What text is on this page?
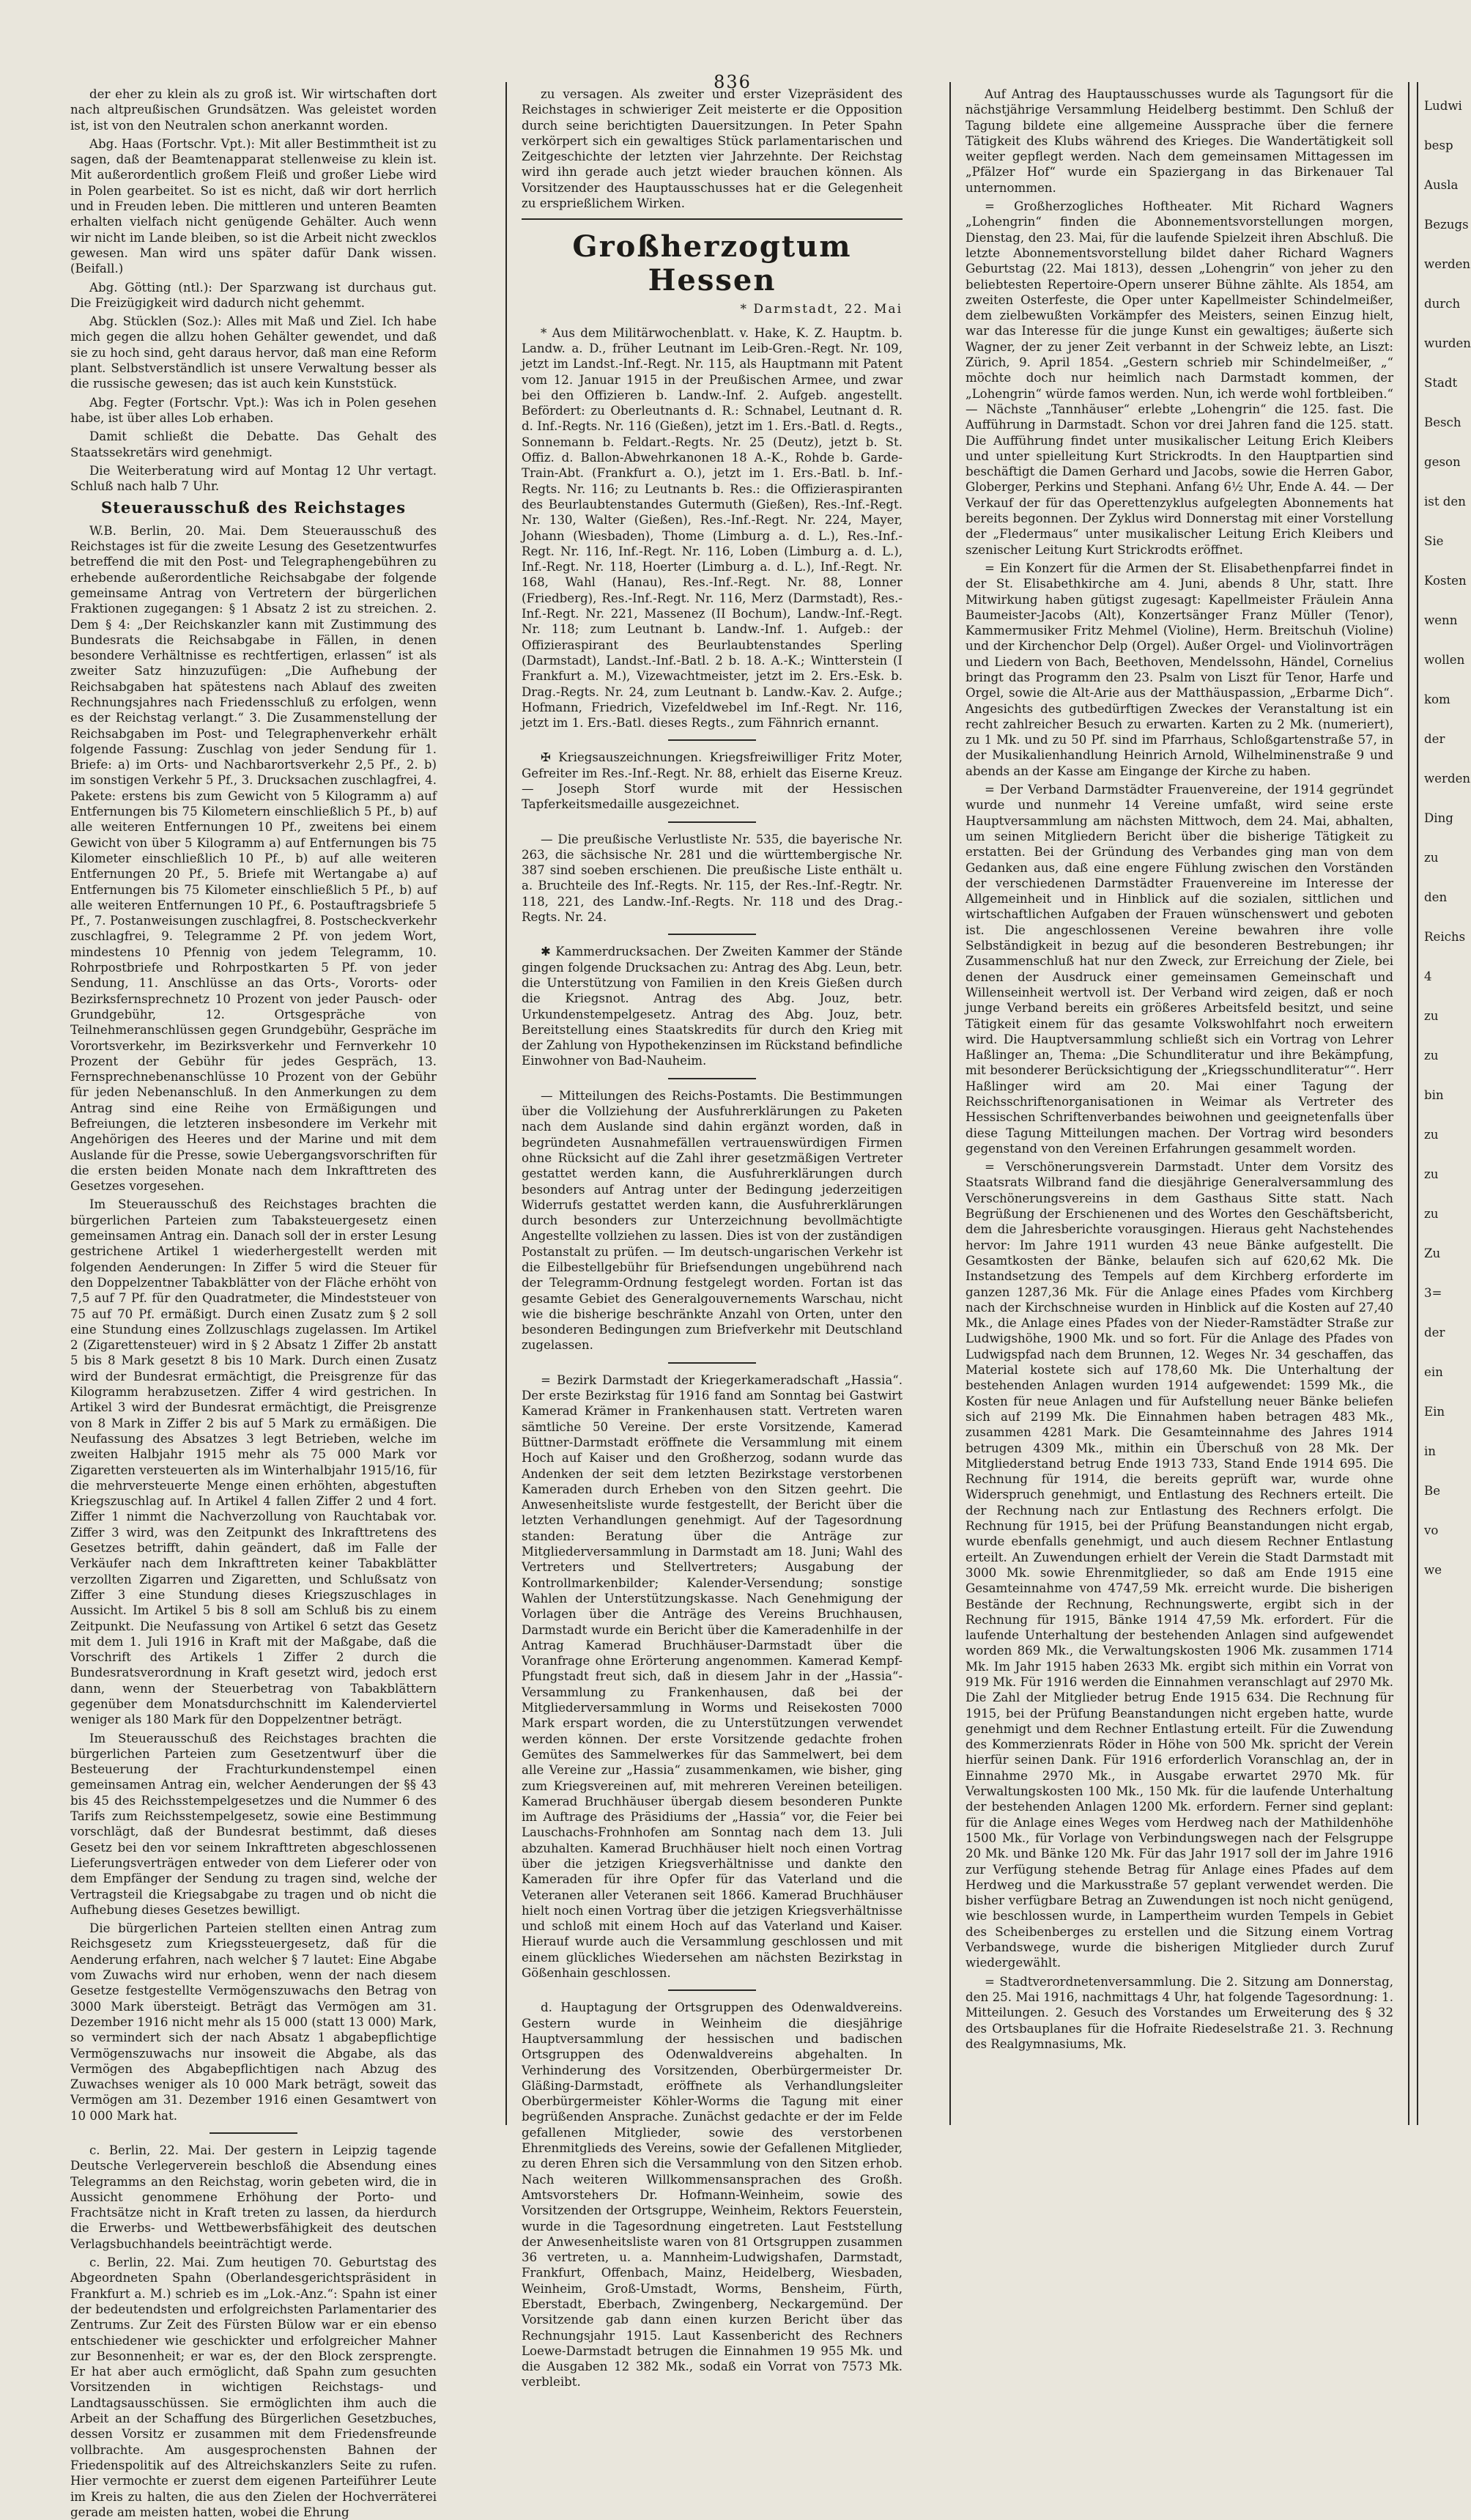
836

der eher zu klein als zu groß ist. Wir wirtschaften dort nach altpreußischen Grundsätzen. Was geleistet worden ist, ist von den Neutralen schon anerkannt worden.

Abg. Haas (Fortschr. Vpt.): Mit aller Bestimmtheit ist zu sagen, daß der Beamtenapparat stellenweise zu klein ist. Mit außerordentlich großem Fleiß und großer Liebe wird in Polen gearbeitet. So ist es nicht, daß wir dort herrlich und in Freuden leben. Die mittleren und unteren Beamten erhalten vielfach nicht genügende Gehälter. Auch wenn wir nicht im Lande bleiben, so ist die Arbeit nicht zwecklos gewesen. Man wird uns später dafür Dank wissen. (Beifall.)

Abg. Götting (ntl.): Der Sparzwang ist durchaus gut. Die Freizügigkeit wird dadurch nicht gehemmt.

Abg. Stücklen (Soz.): Alles mit Maß und Ziel. Ich habe mich gegen die allzu hohen Gehälter gewendet, und daß sie zu hoch sind, geht daraus hervor, daß man eine Reform plant. Selbstverständlich ist unsere Verwaltung besser als die russische gewesen; das ist auch kein Kunststück.

Abg. Fegter (Fortschr. Vpt.): Was ich in Polen gesehen habe, ist über alles Lob erhaben.

Damit schließt die Debatte. Das Gehalt des Staatssekretärs wird genehmigt.

Die Weiterberatung wird auf Montag 12 Uhr vertagt. Schluß nach halb 7 Uhr.

Steuerausschuß des Reichstages

W.B. Berlin, 20. Mai. Dem Steuerausschuß des Reichstages ist für die zweite Lesung des Gesetzentwurfes betreffend die mit den Post- und Telegraphengebühren zu erhebende außerordentliche Reichsabgabe der folgende gemeinsame Antrag von Vertretern der bürgerlichen Fraktionen zugegangen: § 1 Absatz 2 ist zu streichen. 2. Dem § 4: „Der Reichskanzler kann mit Zustimmung des Bundesrats die Reichsabgabe in Fällen, in denen besondere Verhältnisse es rechtfertigen, erlassen“ ist als zweiter Satz hinzuzufügen: „Die Aufhebung der Reichsabgaben hat spätestens nach Ablauf des zweiten Rechnungsjahres nach Friedensschluß zu erfolgen, wenn es der Reichstag verlangt.“ 3. Die Zusammenstellung der Reichsabgaben im Post- und Telegraphenverkehr erhält folgende Fassung: Zuschlag von jeder Sendung für 1. Briefe: a) im Orts- und Nachbarortsverkehr 2,5 Pf., 2. b) im sonstigen Verkehr 5 Pf., 3. Drucksachen zuschlagfrei, 4. Pakete: erstens bis zum Gewicht von 5 Kilogramm a) auf Entfernungen bis 75 Kilometern einschließlich 5 Pf., b) auf alle weiteren Entfernungen 10 Pf., zweitens bei einem Gewicht von über 5 Kilogramm a) auf Entfernungen bis 75 Kilometer einschließlich 10 Pf., b) auf alle weiteren Entfernungen 20 Pf., 5. Briefe mit Wertangabe a) auf Entfernungen bis 75 Kilometer einschließlich 5 Pf., b) auf alle weiteren Entfernungen 10 Pf., 6. Postauftragsbriefe 5 Pf., 7. Postanweisungen zuschlagfrei, 8. Postscheckverkehr zuschlagfrei, 9. Telegramme 2 Pf. von jedem Wort, mindestens 10 Pfennig von jedem Telegramm, 10. Rohrpostbriefe und Rohrpostkarten 5 Pf. von jeder Sendung, 11. Anschlüsse an das Orts-, Vororts- oder Bezirksfernsprechnetz 10 Prozent von jeder Pausch- oder Grundgebühr, 12. Ortsgespräche von Teilnehmeranschlüssen gegen Grundgebühr, Gespräche im Vorortsverkehr, im Bezirksverkehr und Fernverkehr 10 Prozent der Gebühr für jedes Gespräch, 13. Fernsprechnebenanschlüsse 10 Prozent von der Gebühr für jeden Nebenanschluß. In den Anmerkungen zu dem Antrag sind eine Reihe von Ermäßigungen und Befreiungen, die letzteren insbesondere im Verkehr mit Angehörigen des Heeres und der Marine und mit dem Auslande für die Presse, sowie Uebergangsvorschriften für die ersten beiden Monate nach dem Inkrafttreten des Gesetzes vorgesehen.

Im Steuerausschuß des Reichstages brachten die bürgerlichen Parteien zum Tabaksteuergesetz einen gemeinsamen Antrag ein. Danach soll der in erster Lesung gestrichene Artikel 1 wiederhergestellt werden mit folgenden Aenderungen: In Ziffer 5 wird die Steuer für den Doppelzentner Tabakblätter von der Fläche erhöht von 7,5 auf 7 Pf. für den Quadratmeter, die Mindeststeuer von 75 auf 70 Pf. ermäßigt. Durch einen Zusatz zum § 2 soll eine Stundung eines Zollzuschlags zugelassen. Im Artikel 2 (Zigarettensteuer) wird in § 2 Absatz 1 Ziffer 2b anstatt 5 bis 8 Mark gesetzt 8 bis 10 Mark. Durch einen Zusatz wird der Bundesrat ermächtigt, die Preisgrenze für das Kilogramm herabzusetzen. Ziffer 4 wird gestrichen. In Artikel 3 wird der Bundesrat ermächtigt, die Preisgrenze von 8 Mark in Ziffer 2 bis auf 5 Mark zu ermäßigen. Die Neufassung des Absatzes 3 legt Betrieben, welche im zweiten Halbjahr 1915 mehr als 75 000 Mark vor Zigaretten versteuerten als im Winterhalbjahr 1915/16, für die mehrversteuerte Menge einen erhöhten, abgestuften Kriegszuschlag auf. In Artikel 4 fallen Ziffer 2 und 4 fort. Ziffer 1 nimmt die Nachverzollung von Rauchtabak vor. Ziffer 3 wird, was den Zeitpunkt des Inkrafttretens des Gesetzes betrifft, dahin geändert, daß im Falle der Verkäufer nach dem Inkrafttreten keiner Tabakblätter verzollten Zigarren und Zigaretten, und Schlußsatz von Ziffer 3 eine Stundung dieses Kriegszuschlages in Aussicht. Im Artikel 5 bis 8 soll am Schluß bis zu einem Zeitpunkt. Die Neufassung von Artikel 6 setzt das Gesetz mit dem 1. Juli 1916 in Kraft mit der Maßgabe, daß die Vorschrift des Artikels 1 Ziffer 2 durch die Bundesratsverordnung in Kraft gesetzt wird, jedoch erst dann, wenn der Steuerbetrag von Tabakblättern gegenüber dem Monatsdurchschnitt im Kalenderviertel weniger als 180 Mark für den Doppelzentner beträgt.

Im Steuerausschuß des Reichstages brachten die bürgerlichen Parteien zum Gesetzentwurf über die Besteuerung der Frachturkundenstempel einen gemeinsamen Antrag ein, welcher Aenderungen der §§ 43 bis 45 des Reichsstempelgesetzes und die Nummer 6 des Tarifs zum Reichsstempelgesetz, sowie eine Bestimmung vorschlägt, daß der Bundesrat bestimmt, daß dieses Gesetz bei den vor seinem Inkrafttreten abgeschlossenen Lieferungsverträgen entweder von dem Lieferer oder von dem Empfänger der Sendung zu tragen sind, welche der Vertragsteil die Kriegsabgabe zu tragen und ob nicht die Aufhebung dieses Gesetzes bewilligt.

Die bürgerlichen Parteien stellten einen Antrag zum Reichsgesetz zum Kriegssteuergesetz, daß für die Aenderung erfahren, nach welcher § 7 lautet: Eine Abgabe vom Zuwachs wird nur erhoben, wenn der nach diesem Gesetze festgestellte Vermögenszuwachs den Betrag von 3000 Mark übersteigt. Beträgt das Vermögen am 31. Dezember 1916 nicht mehr als 15 000 (statt 13 000) Mark, so vermindert sich der nach Absatz 1 abgabepflichtige Vermögenszuwachs nur insoweit die Abgabe, als das Vermögen des Abgabepflichtigen nach Abzug des Zuwachses weniger als 10 000 Mark beträgt, soweit das Vermögen am 31. Dezember 1916 einen Gesamtwert von 10 000 Mark hat.

c. Berlin, 22. Mai. Der gestern in Leipzig tagende Deutsche Verlegerverein beschloß die Absendung eines Telegramms an den Reichstag, worin gebeten wird, die in Aussicht genommene Erhöhung der Porto- und Frachtsätze nicht in Kraft treten zu lassen, da hierdurch die Erwerbs- und Wettbewerbsfähigkeit des deutschen Verlagsbuchhandels beeinträchtigt werde.

c. Berlin, 22. Mai. Zum heutigen 70. Geburtstag des Abgeordneten Spahn (Oberlandesgerichtspräsident in Frankfurt a. M.) schrieb es im „Lok.-Anz.“: Spahn ist einer der bedeutendsten und erfolgreichsten Parlamentarier des Zentrums. Zur Zeit des Fürsten Bülow war er ein ebenso entschiedener wie geschickter und erfolgreicher Mahner zur Besonnenheit; er war es, der den Block zersprengte. Er hat aber auch ermöglicht, daß Spahn zum gesuchten Vorsitzenden in wichtigen Reichstags- und Landtagsausschüssen. Sie ermöglichten ihm auch die Arbeit an der Schaffung des Bürgerlichen Gesetzbuches, dessen Vorsitz er zusammen mit dem Friedensfreunde vollbrachte. Am ausgesprochensten Bahnen der Friedenspolitik auf des Altreichskanzlers Seite zu rufen. Hier vermochte er zuerst dem eigenen Parteiführer Leute im Kreis zu halten, die aus den Zielen der Hochverräterei gerade am meisten hatten, wobei die Ehrung

zu versagen. Als zweiter und erster Vizepräsident des Reichstages in schwieriger Zeit meisterte er die Opposition durch seine berichtigten Dauersitzungen. In Peter Spahn verkörpert sich ein gewaltiges Stück parlamentarischen und Zeitgeschichte der letzten vier Jahrzehnte. Der Reichstag wird ihn gerade auch jetzt wieder brauchen können. Als Vorsitzender des Hauptausschusses hat er die Gelegenheit zu ersprießlichem Wirken.

Großherzogtum Hessen
* Darmstadt, 22. Mai

* Aus dem Militärwochenblatt. v. Hake, K. Z. Hauptm. b. Landw. a. D., früher Leutnant im Leib-Gren.-Regt. Nr. 109, jetzt im Landst.-Inf.-Regt. Nr. 115, als Hauptmann mit Patent vom 12. Januar 1915 in der Preußischen Armee, und zwar bei den Offizieren b. Landw.-Inf. 2. Aufgeb. angestellt. Befördert: zu Oberleutnants d. R.: Schnabel, Leutnant d. R. d. Inf.-Regts. Nr. 116 (Gießen), jetzt im 1. Ers.-Batl. d. Regts., Sonnemann b. Feldart.-Regts. Nr. 25 (Deutz), jetzt b. St. Offiz. d. Ballon-Abwehrkanonen 18 A.-K., Rohde b. Garde-Train-Abt. (Frankfurt a. O.), jetzt im 1. Ers.-Batl. b. Inf.-Regts. Nr. 116; zu Leutnants b. Res.: die Offizieraspiranten des Beurlaubtenstandes Gutermuth (Gießen), Res.-Inf.-Regt. Nr. 130, Walter (Gießen), Res.-Inf.-Regt. Nr. 224, Mayer, Johann (Wiesbaden), Thome (Limburg a. d. L.), Res.-Inf.-Regt. Nr. 116, Inf.-Regt. Nr. 116, Loben (Limburg a. d. L.), Inf.-Regt. Nr. 118, Hoerter (Limburg a. d. L.), Inf.-Regt. Nr. 168, Wahl (Hanau), Res.-Inf.-Regt. Nr. 88, Lonner (Friedberg), Res.-Inf.-Regt. Nr. 116, Merz (Darmstadt), Res.-Inf.-Regt. Nr. 221, Massenez (II Bochum), Landw.-Inf.-Regt. Nr. 118; zum Leutnant b. Landw.-Inf. 1. Aufgeb.: der Offizieraspirant des Beurlaubtenstandes Sperling (Darmstadt), Landst.-Inf.-Batl. 2 b. 18. A.-K.; Wintterstein (I Frankfurt a. M.), Vizewachtmeister, jetzt im 2. Ers.-Esk. b. Drag.-Regts. Nr. 24, zum Leutnant b. Landw.-Kav. 2. Aufge.; Hofmann, Friedrich, Vizefeldwebel im Inf.-Regt. Nr. 116, jetzt im 1. Ers.-Batl. dieses Regts., zum Fähnrich ernannt.

✠ Kriegsauszeichnungen. Kriegsfreiwilliger Fritz Moter, Gefreiter im Res.-Inf.-Regt. Nr. 88, erhielt das Eiserne Kreuz. — Joseph Storf wurde mit der Hessischen Tapferkeitsmedaille ausgezeichnet.

— Die preußische Verlustliste Nr. 535, die bayerische Nr. 263, die sächsische Nr. 281 und die württembergische Nr. 387 sind soeben erschienen. Die preußische Liste enthält u. a. Bruchteile des Inf.-Regts. Nr. 115, der Res.-Inf.-Regtr. Nr. 118, 221, des Landw.-Inf.-Regts. Nr. 118 und des Drag.-Regts. Nr. 24.

✱ Kammerdrucksachen. Der Zweiten Kammer der Stände gingen folgende Drucksachen zu: Antrag des Abg. Leun, betr. die Unterstützung von Familien in den Kreis Gießen durch die Kriegsnot. Antrag des Abg. Jouz, betr. Urkundenstempelgesetz. Antrag des Abg. Jouz, betr. Bereitstellung eines Staatskredits für durch den Krieg mit der Zahlung von Hypothekenzinsen im Rückstand befindliche Einwohner von Bad-Nauheim.

— Mitteilungen des Reichs-Postamts. Die Bestimmungen über die Vollziehung der Ausfuhrerklärungen zu Paketen nach dem Auslande sind dahin ergänzt worden, daß in begründeten Ausnahmefällen vertrauenswürdigen Firmen ohne Rücksicht auf die Zahl ihrer gesetzmäßigen Vertreter gestattet werden kann, die Ausfuhrerklärungen durch besonders auf Antrag unter der Bedingung jederzeitigen Widerrufs gestattet werden kann, die Ausfuhrerklärungen durch besonders zur Unterzeichnung bevollmächtigte Angestellte vollziehen zu lassen. Dies ist von der zuständigen Postanstalt zu prüfen. — Im deutsch-ungarischen Verkehr ist die Eilbestellgebühr für Briefsendungen ungebührend nach der Telegramm-Ordnung festgelegt worden. Fortan ist das gesamte Gebiet des Generalgouvernements Warschau, nicht wie die bisherige beschränkte Anzahl von Orten, unter den besonderen Bedingungen zum Briefverkehr mit Deutschland zugelassen.

= Bezirk Darmstadt der Kriegerkameradschaft „Hassia“. Der erste Bezirkstag für 1916 fand am Sonntag bei Gastwirt Kamerad Krämer in Frankenhausen statt. Vertreten waren sämtliche 50 Vereine. Der erste Vorsitzende, Kamerad Büttner-Darmstadt eröffnete die Versammlung mit einem Hoch auf Kaiser und den Großherzog, sodann wurde das Andenken der seit dem letzten Bezirkstage verstorbenen Kameraden durch Erheben von den Sitzen geehrt. Die Anwesenheitsliste wurde festgestellt, der Bericht über die letzten Verhandlungen genehmigt. Auf der Tagesordnung standen: Beratung über die Anträge zur Mitgliederversammlung in Darmstadt am 18. Juni; Wahl des Vertreters und Stellvertreters; Ausgabung der Kontrollmarkenbilder; Kalender-Versendung; sonstige Wahlen der Unterstützungskasse. Nach Genehmigung der Vorlagen über die Anträge des Vereins Bruchhausen, Darmstadt wurde ein Bericht über die Kameradenhilfe in der Antrag Kamerad Bruchhäuser-Darmstadt über die Voranfrage ohne Erörterung angenommen. Kamerad Kempf-Pfungstadt freut sich, daß in diesem Jahr in der „Hassia“-Versammlung zu Frankenhausen, daß bei der Mitgliederversammlung in Worms und Reisekosten 7000 Mark erspart worden, die zu Unterstützungen verwendet werden können. Der erste Vorsitzende gedachte frohen Gemütes des Sammelwerkes für das Sammelwert, bei dem alle Vereine zur „Hassia“ zusammenkamen, wie bisher, ging zum Kriegsvereinen auf, mit mehreren Vereinen beteiligen. Kamerad Bruchhäuser übergab diesem besonderen Punkte im Auftrage des Präsidiums der „Hassia“ vor, die Feier bei Lauschachs-Frohnhofen am Sonntag nach dem 13. Juli abzuhalten. Kamerad Bruchhäuser hielt noch einen Vortrag über die jetzigen Kriegsverhältnisse und dankte den Kameraden für ihre Opfer für das Vaterland und die Veteranen aller Veteranen seit 1866. Kamerad Bruchhäuser hielt noch einen Vortrag über die jetzigen Kriegsverhältnisse und schloß mit einem Hoch auf das Vaterland und Kaiser. Hierauf wurde auch die Versammlung geschlossen und mit einem glückliches Wiedersehen am nächsten Bezirkstag in Gößenhain geschlossen.

d. Hauptagung der Ortsgruppen des Odenwaldvereins. Gestern wurde in Weinheim die diesjährige Hauptversammlung der hessischen und badischen Ortsgruppen des Odenwaldvereins abgehalten. In Verhinderung des Vorsitzenden, Oberbürgermeister Dr. Gläßing-Darmstadt, eröffnete als Verhandlungsleiter Oberbürgermeister Köhler-Worms die Tagung mit einer begrüßenden Ansprache. Zunächst gedachte er der im Felde gefallenen Mitglieder, sowie des verstorbenen Ehrenmitglieds des Vereins, sowie der Gefallenen Mitglieder, zu deren Ehren sich die Versammlung von den Sitzen erhob. Nach weiteren Willkommensansprachen des Großh. Amtsvorstehers Dr. Hofmann-Weinheim, sowie des Vorsitzenden der Ortsgruppe, Weinheim, Rektors Feuerstein, wurde in die Tagesordnung eingetreten. Laut Feststellung der Anwesenheitsliste waren von 81 Ortsgruppen zusammen 36 vertreten, u. a. Mannheim-Ludwigshafen, Darmstadt, Frankfurt, Offenbach, Mainz, Heidelberg, Wiesbaden, Weinheim, Groß-Umstadt, Worms, Bensheim, Fürth, Eberstadt, Eberbach, Zwingenberg, Neckargemünd. Der Vorsitzende gab dann einen kurzen Bericht über das Rechnungsjahr 1915. Laut Kassenbericht des Rechners Loewe-Darmstadt betrugen die Einnahmen 19 955 Mk. und die Ausgaben 12 382 Mk., sodaß ein Vorrat von 7573 Mk. verbleibt.

Auf Antrag des Hauptausschusses wurde als Tagungsort für die nächstjährige Versammlung Heidelberg bestimmt. Den Schluß der Tagung bildete eine allgemeine Aussprache über die fernere Tätigkeit des Klubs während des Krieges. Die Wandertätigkeit soll weiter gepflegt werden. Nach dem gemeinsamen Mittagessen im „Pfälzer Hof“ wurde ein Spaziergang in das Birkenauer Tal unternommen.

= Großherzogliches Hoftheater. Mit Richard Wagners „Lohengrin“ finden die Abonnementsvorstellungen morgen, Dienstag, den 23. Mai, für die laufende Spielzeit ihren Abschluß. Die letzte Abonnementsvorstellung bildet daher Richard Wagners Geburtstag (22. Mai 1813), dessen „Lohengrin“ von jeher zu den beliebtesten Repertoire-Opern unserer Bühne zählte. Als 1854, am zweiten Osterfeste, die Oper unter Kapellmeister Schindelmeißer, dem zielbewußten Vorkämpfer des Meisters, seinen Einzug hielt, war das Interesse für die junge Kunst ein gewaltiges; äußerte sich Wagner, der zu jener Zeit verbannt in der Schweiz lebte, an Liszt: Zürich, 9. April 1854. „Gestern schrieb mir Schindelmeißer, „“ möchte doch nur heimlich nach Darmstadt kommen, der „Lohengrin“ würde famos werden. Nun, ich werde wohl fortbleiben.“ — Nächste „Tannhäuser“ erlebte „Lohengrin“ die 125. fast. Die Aufführung in Darmstadt. Schon vor drei Jahren fand die 125. statt. Die Aufführung findet unter musikalischer Leitung Erich Kleibers und unter spielleitung Kurt Strickrodts. In den Hauptpartien sind beschäftigt die Damen Gerhard und Jacobs, sowie die Herren Gabor, Globerger, Perkins und Stephani. Anfang 6½ Uhr, Ende A. 44. — Der Verkauf der für das Operettenzyklus aufgelegten Abonnements hat bereits begonnen. Der Zyklus wird Donnerstag mit einer Vorstellung der „Fledermaus“ unter musikalischer Leitung Erich Kleibers und szenischer Leitung Kurt Strickrodts eröffnet.

= Ein Konzert für die Armen der St. Elisabethenpfarrei findet in der St. Elisabethkirche am 4. Juni, abends 8 Uhr, statt. Ihre Mitwirkung haben gütigst zugesagt: Kapellmeister Fräulein Anna Baumeister-Jacobs (Alt), Konzertsänger Franz Müller (Tenor), Kammermusiker Fritz Mehmel (Violine), Herm. Breitschuh (Violine) und der Kirchenchor Delp (Orgel). Außer Orgel- und Violinvorträgen und Liedern von Bach, Beethoven, Mendelssohn, Händel, Cornelius bringt das Programm den 23. Psalm von Liszt für Tenor, Harfe und Orgel, sowie die Alt-Arie aus der Matthäuspassion, „Erbarme Dich“. Angesichts des gutbedürftigen Zweckes der Veranstaltung ist ein recht zahlreicher Besuch zu erwarten. Karten zu 2 Mk. (numeriert), zu 1 Mk. und zu 50 Pf. sind im Pfarrhaus, Schloßgartenstraße 57, in der Musikalienhandlung Heinrich Arnold, Wilhelminenstraße 9 und abends an der Kasse am Eingange der Kirche zu haben.

= Der Verband Darmstädter Frauenvereine, der 1914 gegründet wurde und nunmehr 14 Vereine umfaßt, wird seine erste Hauptversammlung am nächsten Mittwoch, dem 24. Mai, abhalten, um seinen Mitgliedern Bericht über die bisherige Tätigkeit zu erstatten. Bei der Gründung des Verbandes ging man von dem Gedanken aus, daß eine engere Fühlung zwischen den Vorständen der verschiedenen Darmstädter Frauenvereine im Interesse der Allgemeinheit und in Hinblick auf die sozialen, sittlichen und wirtschaftlichen Aufgaben der Frauen wünschenswert und geboten ist. Die angeschlossenen Vereine bewahren ihre volle Selbständigkeit in bezug auf die besonderen Bestrebungen; ihr Zusammenschluß hat nur den Zweck, zur Erreichung der Ziele, bei denen der Ausdruck einer gemeinsamen Gemeinschaft und Willenseinheit wertvoll ist. Der Verband wird zeigen, daß er noch junge Verband bereits ein größeres Arbeitsfeld besitzt, und seine Tätigkeit einem für das gesamte Volkswohlfahrt noch erweitern wird. Die Hauptversammlung schließt sich ein Vortrag von Lehrer Haßlinger an, Thema: „Die Schundliteratur und ihre Bekämpfung, mit besonderer Berücksichtigung der „Kriegsschundliteratur““. Herr Haßlinger wird am 20. Mai einer Tagung der Reichsschriftenorganisationen in Weimar als Vertreter des Hessischen Schriftenverbandes beiwohnen und geeignetenfalls über diese Tagung Mitteilungen machen. Der Vortrag wird besonders gegenstand von den Vereinen Erfahrungen gesammelt worden.

= Verschönerungsverein Darmstadt. Unter dem Vorsitz des Staatsrats Wilbrand fand die diesjährige Generalversammlung des Verschönerungsvereins in dem Gasthaus Sitte statt. Nach Begrüßung der Erschienenen und des Wortes den Geschäftsbericht, dem die Jahresberichte vorausgingen. Hieraus geht Nachstehendes hervor: Im Jahre 1911 wurden 43 neue Bänke aufgestellt. Die Gesamtkosten der Bänke, belaufen sich auf 620,62 Mk. Die Instandsetzung des Tempels auf dem Kirchberg erforderte im ganzen 1287,36 Mk. Für die Anlage eines Pfades vom Kirchberg nach der Kirchschneise wurden in Hinblick auf die Kosten auf 27,40 Mk., die Anlage eines Pfades von der Nieder-Ramstädter Straße zur Ludwigshöhe, 1900 Mk. und so fort. Für die Anlage des Pfades von Ludwigspfad nach dem Brunnen, 12. Weges Nr. 34 geschaffen, das Material kostete sich auf 178,60 Mk. Die Unterhaltung der bestehenden Anlagen wurden 1914 aufgewendet: 1599 Mk., die Kosten für neue Anlagen und für Aufstellung neuer Bänke beliefen sich auf 2199 Mk. Die Einnahmen haben betragen 483 Mk., zusammen 4281 Mark. Die Gesamteinnahme des Jahres 1914 betrugen 4309 Mk., mithin ein Überschuß von 28 Mk. Der Mitgliederstand betrug Ende 1913 733, Stand Ende 1914 695. Die Rechnung für 1914, die bereits geprüft war, wurde ohne Widerspruch genehmigt, und Entlastung des Rechners erteilt. Die der Rechnung nach zur Entlastung des Rechners erfolgt. Die Rechnung für 1915, bei der Prüfung Beanstandungen nicht ergab, wurde ebenfalls genehmigt, und auch diesem Rechner Entlastung erteilt. An Zuwendungen erhielt der Verein die Stadt Darmstadt mit 3000 Mk. sowie Ehrenmitglieder, so daß am Ende 1915 eine Gesamteinnahme von 4747,59 Mk. erreicht wurde. Die bisherigen Bestände der Rechnung, Rechnungswerte, ergibt sich in der Rechnung für 1915, Bänke 1914 47,59 Mk. erfordert. Für die laufende Unterhaltung der bestehenden Anlagen sind aufgewendet worden 869 Mk., die Verwaltungskosten 1906 Mk. zusammen 1714 Mk. Im Jahr 1915 haben 2633 Mk. ergibt sich mithin ein Vorrat von 919 Mk. Für 1916 werden die Einnahmen veranschlagt auf 2970 Mk. Die Zahl der Mitglieder betrug Ende 1915 634. Die Rechnung für 1915, bei der Prüfung Beanstandungen nicht ergeben hatte, wurde genehmigt und dem Rechner Entlastung erteilt. Für die Zuwendung des Kommerzienrats Röder in Höhe von 500 Mk. spricht der Verein hierfür seinen Dank. Für 1916 erforderlich Voranschlag an, der in Einnahme 2970 Mk., in Ausgabe erwartet 2970 Mk. für Verwaltungskosten 100 Mk., 150 Mk. für die laufende Unterhaltung der bestehenden Anlagen 1200 Mk. erfordern. Ferner sind geplant: für die Anlage eines Weges vom Herdweg nach der Mathildenhöhe 1500 Mk., für Vorlage von Verbindungswegen nach der Felsgruppe 20 Mk. und Bänke 120 Mk. Für das Jahr 1917 soll der im Jahre 1916 zur Verfügung stehende Betrag für Anlage eines Pfades auf dem Herdweg und die Markusstraße 57 geplant verwendet werden. Die bisher verfügbare Betrag an Zuwendungen ist noch nicht genügend, wie beschlossen wurde, in Lampertheim wurden Tempels in Gebiet des Scheibenberges zu erstellen und die Sitzung einem Vortrag Verbandswege, wurde die bisherigen Mitglieder durch Zuruf wiedergewählt.

= Stadtverordnetenversammlung. Die 2. Sitzung am Donnerstag, den 25. Mai 1916, nachmittags 4 Uhr, hat folgende Tagesordnung: 1. Mitteilungen. 2. Gesuch des Vorstandes um Erweiterung des § 32 des Ortsbauplanes für die Hofraite Riedeselstraße 21. 3. Rechnung des Realgymnasiums, Mk.

Ludwi
besp
Ausla
Bezugs
werden
durch
wurden
Stadt
Besch
geson
ist den
Sie
Kosten
wenn
wollen
kom
der
werden
Ding
zu
den
Reichs
4
zu
zu
bin
zu
zu
zu
Zu
3=
der
ein
Ein
in
Be
vo
we
